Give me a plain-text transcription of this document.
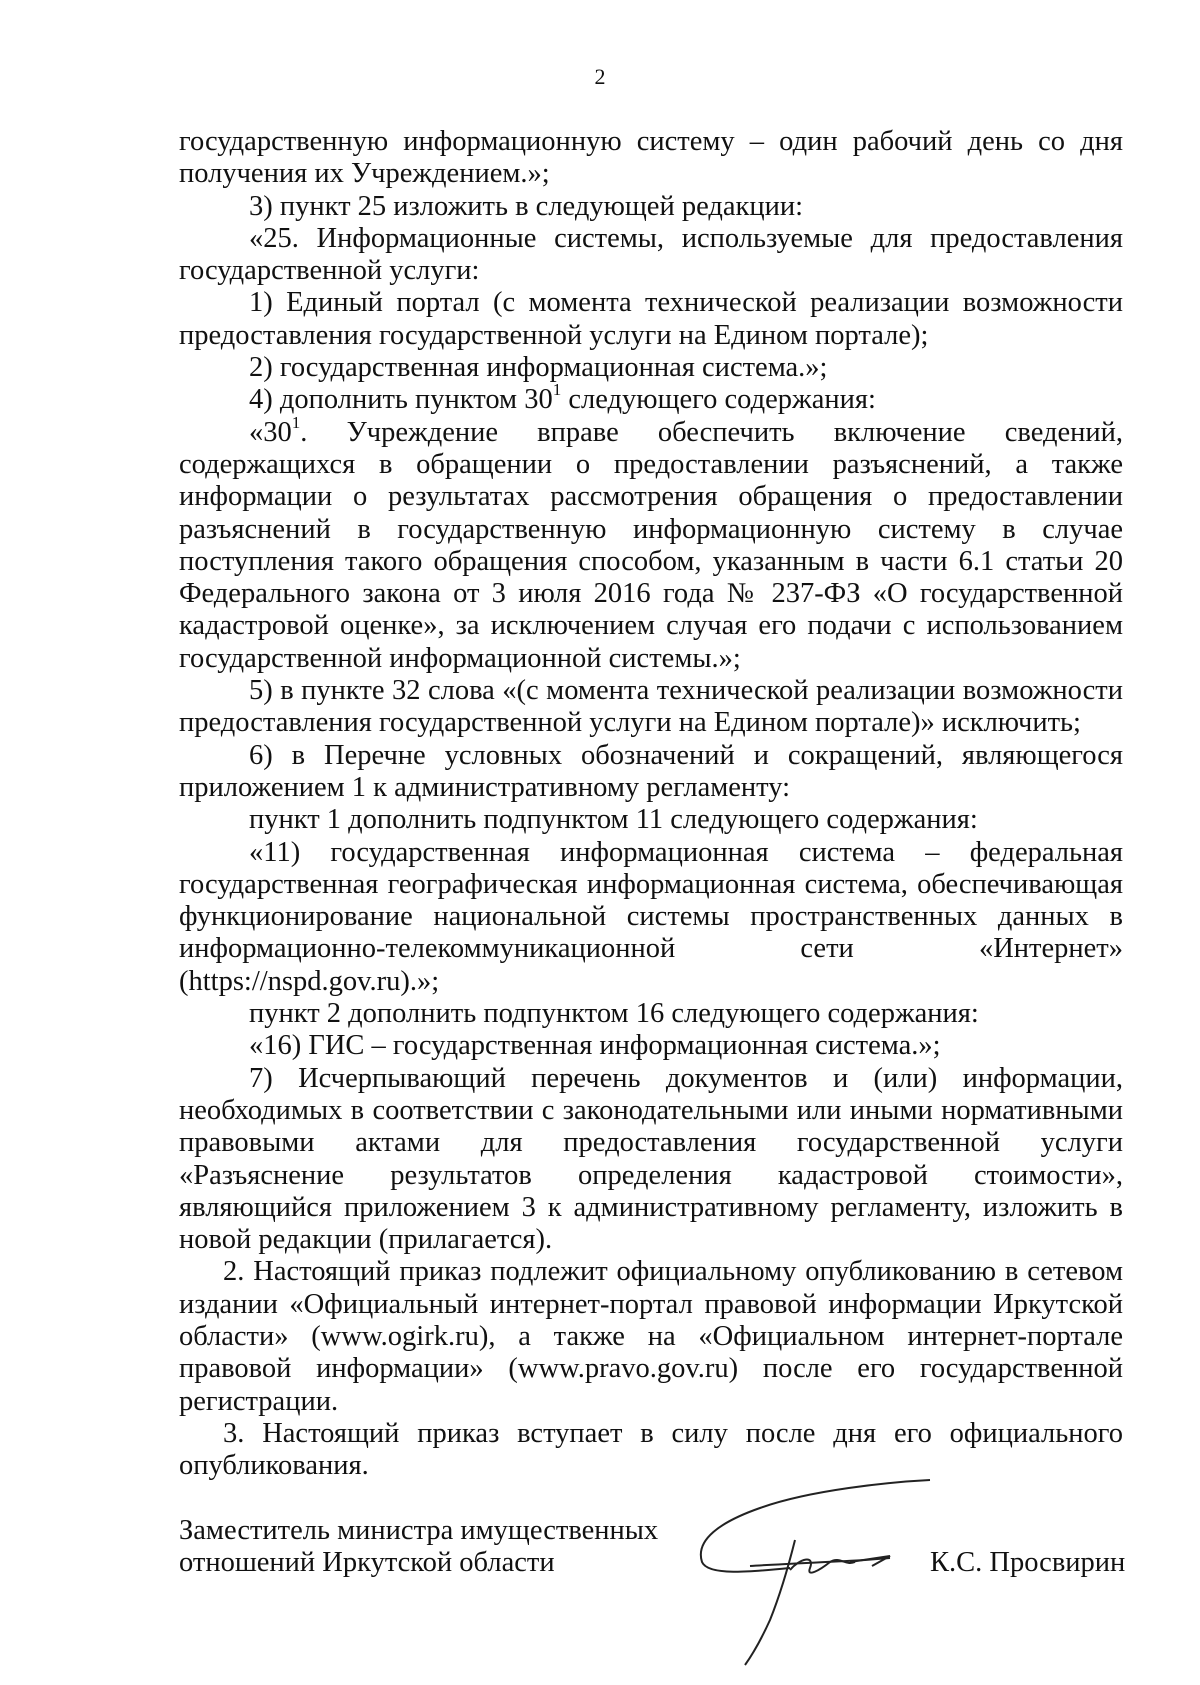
2

государственную информационную систему – один рабочий день со дня получения их Учреждением.»;

3) пункт 25 изложить в следующей редакции:

«25. Информационные системы, используемые для предоставления государственной услуги:

1) Единый портал (с момента технической реализации возможности предоставления государственной услуги на Едином портале);

2) государственная информационная система.»;

4) дополнить пунктом $30^1$ следующего содержания:

«$30^1$. Учреждение вправе обеспечить включение сведений, содержащихся в обращении о предоставлении разъяснений, а также информации о результатах рассмотрения обращения о предоставлении разъяснений в государственную информационную систему в случае поступления такого обращения способом, указанным в части 6.1 статьи 20 Федерального закона от 3 июля 2016 года № 237-ФЗ «О государственной кадастровой оценке», за исключением случая его подачи с использованием государственной информационной системы.»;

5) в пункте 32 слова «(с момента технической реализации возможности предоставления государственной услуги на Едином портале)» исключить;

6) в Перечне условных обозначений и сокращений, являющегося приложением 1 к административному регламенту:

пункт 1 дополнить подпунктом 11 следующего содержания:

«11) государственная информационная система – федеральная государственная географическая информационная система, обеспечивающая функционирование национальной системы пространственных данных в информационно-телекоммуникационной сети «Интернет»

(https://nspd.gov.ru).»;

пункт 2 дополнить подпунктом 16 следующего содержания:

«16) ГИС – государственная информационная система.»;

7) Исчерпывающий перечень документов и (или) информации, необходимых в соответствии с законодательными или иными нормативными правовыми актами для предоставления государственной услуги «Разъяснение результатов определения кадастровой стоимости», являющийся приложением 3 к административному регламенту, изложить в новой редакции (прилагается).

2. Настоящий приказ подлежит официальному опубликованию в сетевом издании «Официальный интернет-портал правовой информации Иркутской области» (www.ogirk.ru), а также на «Официальном интернет-портале правовой информации» (www.pravo.gov.ru) после его государственной регистрации.

3. Настоящий приказ вступает в силу после дня его официального опубликования.

Заместитель министра имущественных
отношений Иркутской области	К.С. Просвирин
